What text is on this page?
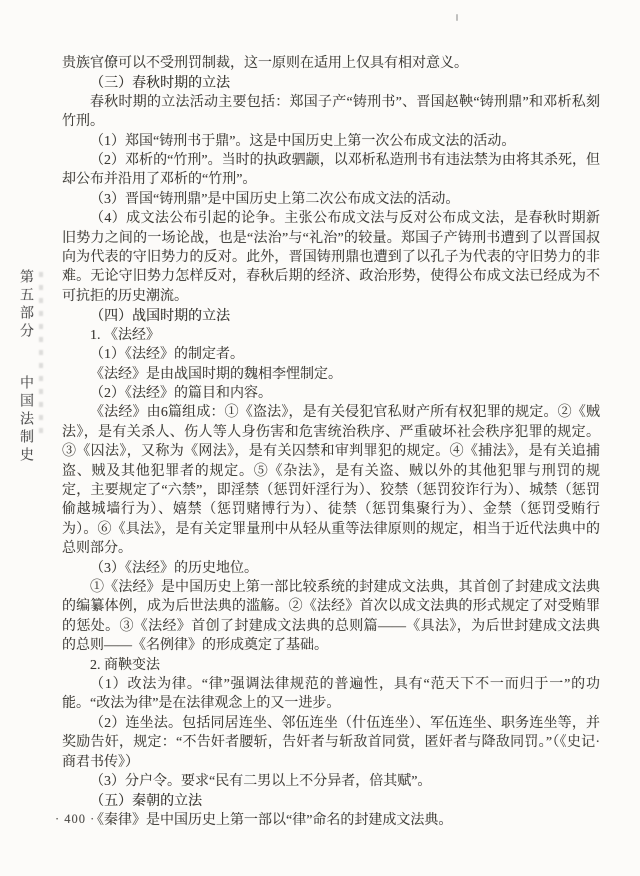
第五部分 中国法制史

贵族官僚可以不受刑罚制裁，这一原则在适用上仅具有相对意义。

（三）春秋时期的立法

春秋时期的立法活动主要包括：郑国子产“铸刑书”、晋国赵鞅“铸刑鼎”和邓析私刻竹刑。

（1）郑国“铸刑书于鼎”。这是中国历史上第一次公布成文法的活动。

（2）邓析的“竹刑”。当时的执政驷颛，以邓析私造刑书有违法禁为由将其杀死，但却公布并沿用了邓析的“竹刑”。

（3）晋国“铸刑鼎”是中国历史上第二次公布成文法的活动。

（4）成文法公布引起的论争。主张公布成文法与反对公布成文法，是春秋时期新旧势力之间的一场论战，也是“法治”与“礼治”的较量。郑国子产铸刑书遭到了以晋国叔向为代表的守旧势力的反对。此外，晋国铸刑鼎也遭到了以孔子为代表的守旧势力的非难。无论守旧势力怎样反对，春秋后期的经济、政治形势，使得公布成文法已经成为不可抗拒的历史潮流。

（四）战国时期的立法

1. 《法经》

（1）《法经》的制定者。

《法经》是由战国时期的魏相李悝制定。

（2）《法经》的篇目和内容。

《法经》由6篇组成：①《盗法》，是有关侵犯官私财产所有权犯罪的规定。②《贼法》，是有关杀人、伤人等人身伤害和危害统治秩序、严重破坏社会秩序犯罪的规定。③《囚法》，又称为《网法》，是有关囚禁和审判罪犯的规定。④《捕法》，是有关追捕盗、贼及其他犯罪者的规定。⑤《杂法》，是有关盗、贼以外的其他犯罪与刑罚的规定，主要规定了“六禁”，即淫禁（惩罚奸淫行为）、狡禁（惩罚狡诈行为）、城禁（惩罚偷越城墙行为）、嬉禁（惩罚赌博行为）、徒禁（惩罚集聚行为）、金禁（惩罚受贿行为）。⑥《具法》，是有关定罪量刑中从轻从重等法律原则的规定，相当于近代法典中的总则部分。

（3）《法经》的历史地位。

①《法经》是中国历史上第一部比较系统的封建成文法典，其首创了封建成文法典的编纂体例，成为后世法典的滥觞。②《法经》首次以成文法典的形式规定了对受贿罪的惩处。③《法经》首创了封建成文法典的总则篇——《具法》，为后世封建成文法典的总则——《名例律》的形成奠定了基础。

2. 商鞅变法

（1）改法为律。“律”强调法律规范的普遍性，具有“范天下不一而归于一”的功能。“改法为律”是在法律观念上的又一进步。

（2）连坐法。包括同居连坐、邻伍连坐（什伍连坐）、军伍连坐、职务连坐等，并奖励告奸，规定：“不告奸者腰斩，告奸者与斩敌首同赏，匿奸者与降敌同罚。”（《史记·商君书传》）

（3）分户令。要求“民有二男以上不分异者，倍其赋”。

（五）秦朝的立法

《秦律》是中国历史上第一部以“律”命名的封建成文法典。

· 400 ·
